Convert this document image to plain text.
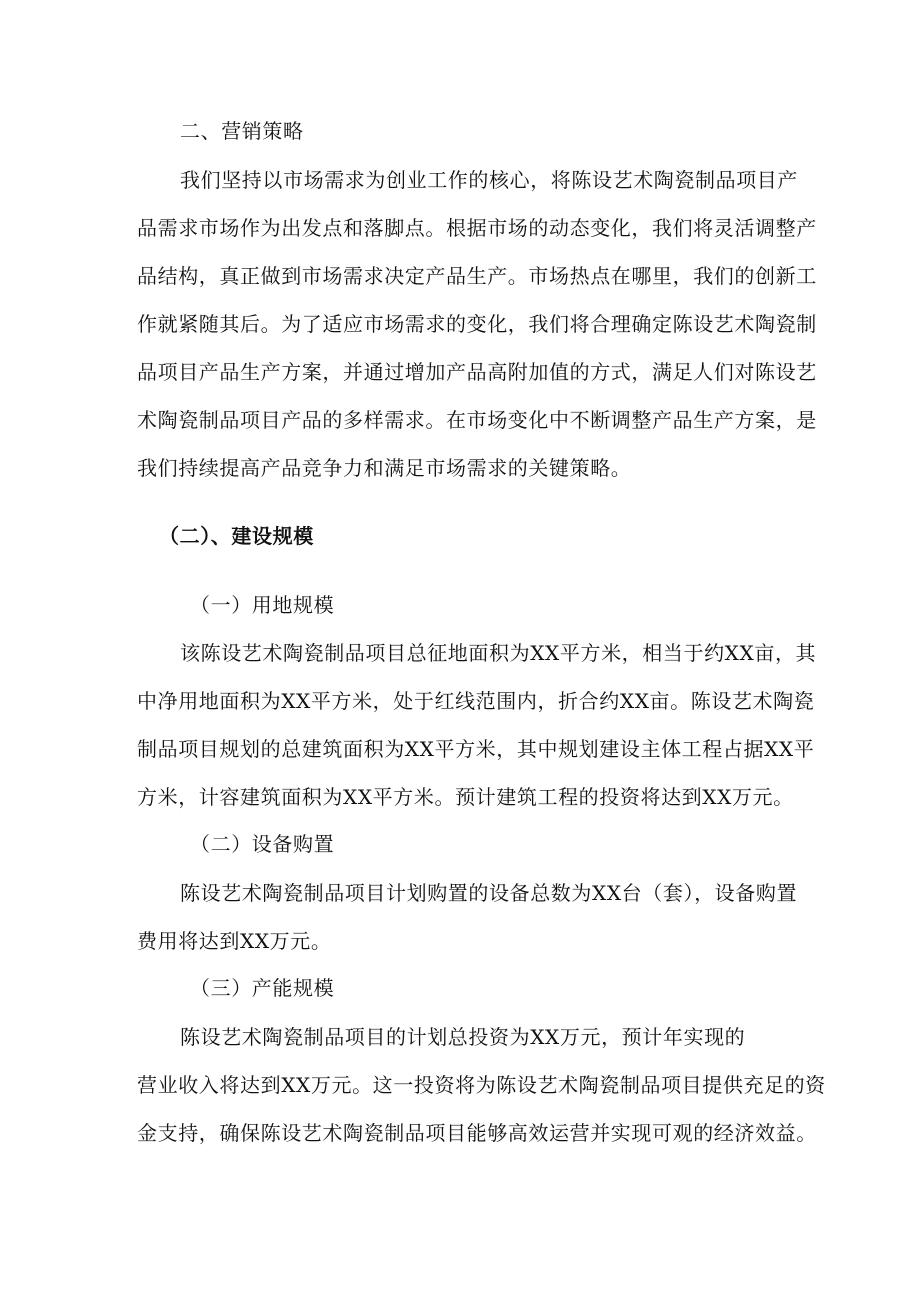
二、营销策略
我们坚持以市场需求为创业工作的核心，将陈设艺术陶瓷制品项目产
品需求市场作为出发点和落脚点。根据市场的动态变化，我们将灵活调整产
品结构，真正做到市场需求决定产品生产。市场热点在哪里，我们的创新工
作就紧随其后。为了适应市场需求的变化，我们将合理确定陈设艺术陶瓷制
品项目产品生产方案，并通过增加产品高附加值的方式，满足人们对陈设艺
术陶瓷制品项目产品的多样需求。在市场变化中不断调整产品生产方案，是
我们持续提高产品竞争力和满足市场需求的关键策略。
（二）、建设规模
（一）用地规模
该陈设艺术陶瓷制品项目总征地面积为XX平方米，相当于约XX亩，其
中净用地面积为XX平方米，处于红线范围内，折合约XX亩。陈设艺术陶瓷
制品项目规划的总建筑面积为XX平方米，其中规划建设主体工程占据XX平
方米，计容建筑面积为XX平方米。预计建筑工程的投资将达到XX万元。
（二）设备购置
陈设艺术陶瓷制品项目计划购置的设备总数为XX台（套），设备购置
费用将达到XX万元。
（三）产能规模
陈设艺术陶瓷制品项目的计划总投资为XX万元，预计年实现的
营业收入将达到XX万元。这一投资将为陈设艺术陶瓷制品项目提供充足的资
金支持，确保陈设艺术陶瓷制品项目能够高效运营并实现可观的经济效益。
